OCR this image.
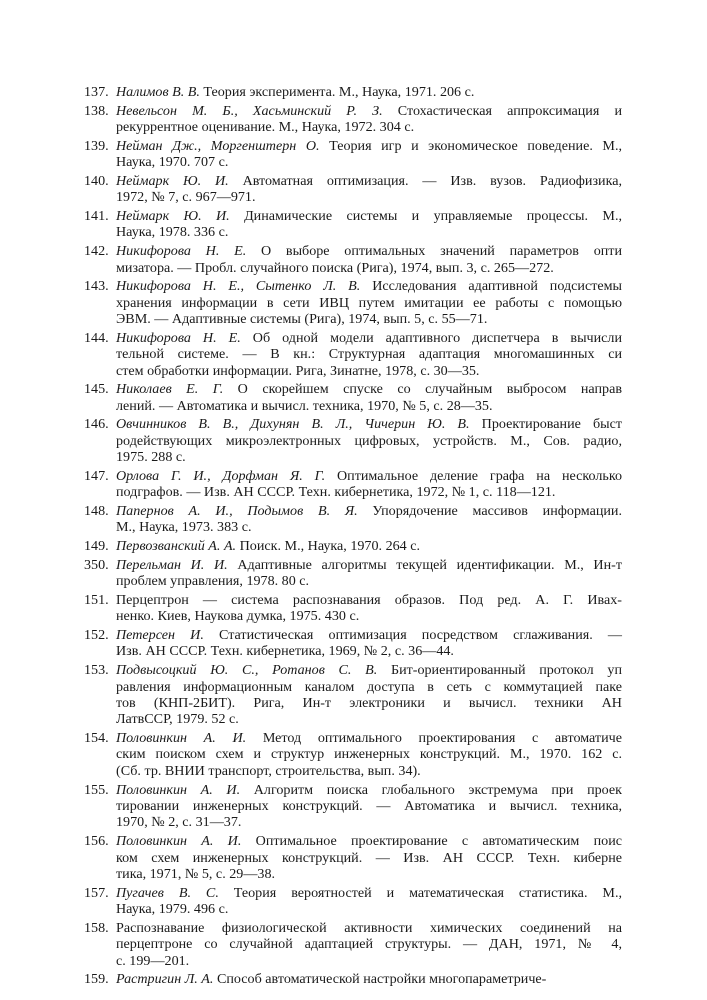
137. Налимов В. В. Теория эксперимента. М., Наука, 1971. 206 с.
138. Невельсон М. Б., Хасьминский Р. З. Стохастическая аппроксимация и
рекуррентное оценивание. М., Наука, 1972. 304 с.
139. Нейман Дж., Моргенштерн О. Теория игр и экономическое поведение. М.,
Наука, 1970. 707 с.
140. Неймарк Ю. И. Автоматная оптимизация. — Изв. вузов. Радиофизика,
1972, № 7, с. 967—971.
141. Неймарк Ю. И. Динамические системы и управляемые процессы. М.,
Наука, 1978. 336 с.
142. Никифорова Н. Е. О выборе оптимальных значений параметров опти
мизатора. — Пробл. случайного поиска (Рига), 1974, вып. 3, с. 265—272.
143. Никифорова Н. Е., Сытенко Л. В. Исследования адаптивной подсистемы
хранения информации в сети ИВЦ путем имитации ее работы с помощью
ЭВМ. — Адаптивные системы (Рига), 1974, вып. 5, с. 55—71.
144. Никифорова Н. Е. Об одной модели адаптивного диспетчера в вычисли
тельной системе. — В кн.: Структурная адаптация многомашинных си
стем обработки информации. Рига, Зинатне, 1978, с. 30—35.
145. Николаев Е. Г. О скорейшем спуске со случайным выбросом направ
лений. — Автоматика и вычисл. техника, 1970, № 5, с. 28—35.
146. Овчинников В. В., Дихунян В. Л., Чичерин Ю. В. Проектирование быст
родействующих микроэлектронных цифровых, устройств. М., Сов. радио,
1975. 288 с.
147. Орлова Г. И., Дорфман Я. Г. Оптимальное деление графа на несколько
подграфов. — Изв. АН СССР. Техн. кибернетика, 1972, № 1, с. 118—121.
148. Папернов А. И., Подымов В. Я. Упорядочение массивов информации.
М., Наука, 1973. 383 с.
149. Первозванский А. А. Поиск. М., Наука, 1970. 264 с.
350. Перельман И. И. Адаптивные алгоритмы текущей идентификации. М., Ин-т
проблем управления, 1978. 80 с.
151. Перцептрон — система распознавания образов. Под ред. А. Г. Ивах-
ненко. Киев, Наукова думка, 1975. 430 с.
152. Петерсен И. Статистическая оптимизация посредством сглаживания. —
Изв. АН СССР. Техн. кибернетика, 1969, № 2, с. 36—44.
153. Подвысоцкий Ю. С., Ротанов С. В. Бит-ориентированный протокол уп
равления информационным каналом доступа в сеть с коммутацией паке
тов (КНП-2БИТ). Рига, Ин-т электроники и вычисл. техники АН
ЛатвССР, 1979. 52 с.
154. Половинкин А. И. Метод оптимального проектирования с автоматиче
ским поиском схем и структур инженерных конструкций. М., 1970. 162 с.
(Сб. тр. ВНИИ транспорт, строительства, вып. 34).
155. Половинкин А. И. Алгоритм поиска глобального экстремума при проек
тировании инженерных конструкций. — Автоматика и вычисл. техника,
1970, № 2, с. 31—37.
156. Половинкин А. И. Оптимальное проектирование с автоматическим поис
ком схем инженерных конструкций. — Изв. АН СССР. Техн. киберне
тика, 1971, № 5, с. 29—38.
157. Пугачев В. С. Теория вероятностей и математическая статистика. М.,
Наука, 1979. 496 с.
158. Распознавание физиологической активности химических соединений на
перцептроне со случайной адаптацией структуры. — ДАН, 1971, № 4,
с. 199—201.
159. Растригин Л. А. Способ автоматической настройки многопараметриче-
